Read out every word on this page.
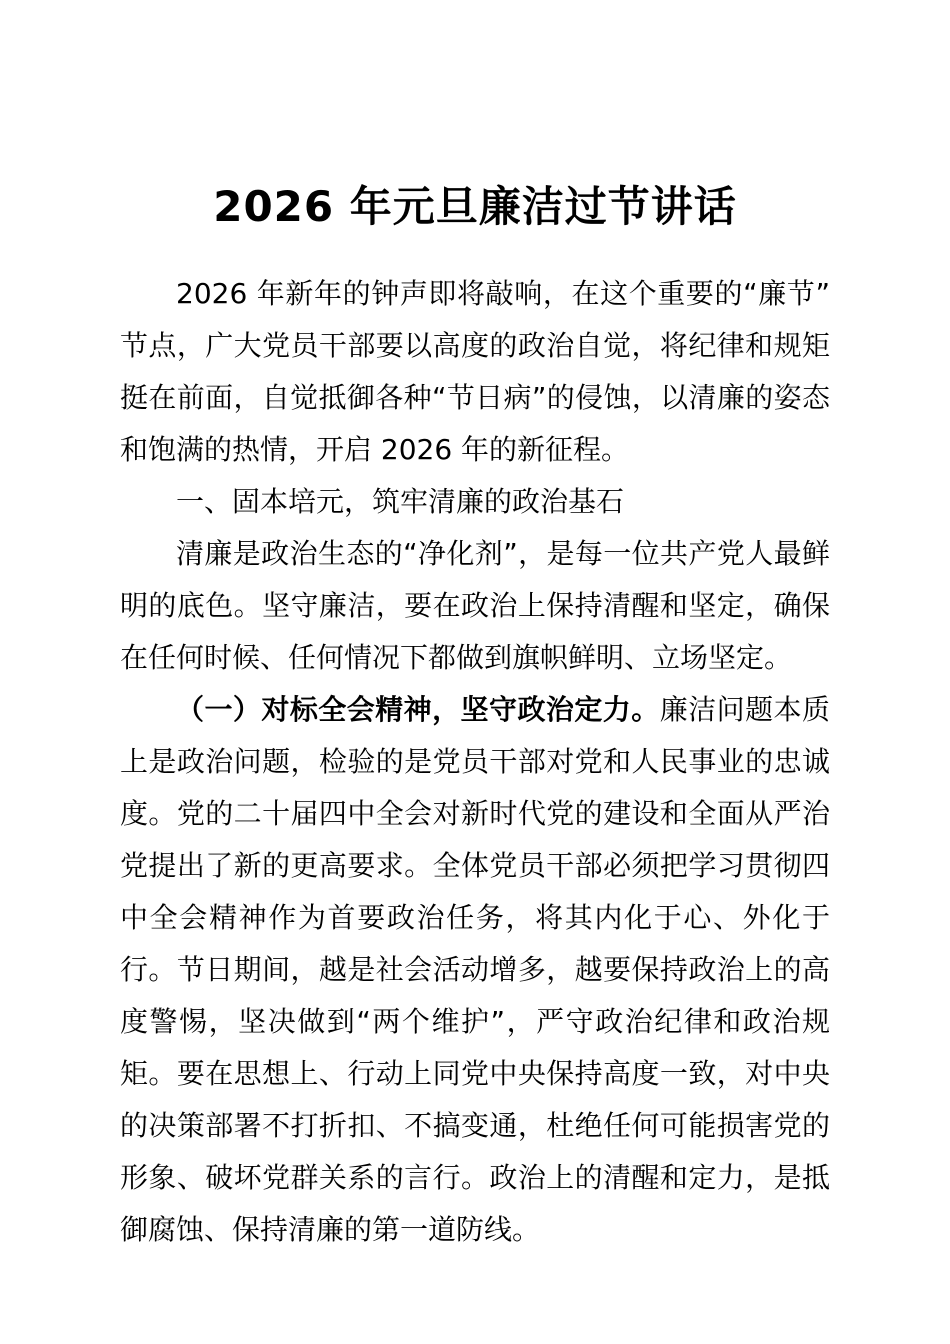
2026 年元旦廉洁过节讲话

2026 年新年的钟声即将敲响，在这个重要的“廉节”节点，广大党员干部要以高度的政治自觉，将纪律和规矩挺在前面，自觉抵御各种“节日病”的侵蚀，以清廉的姿态和饱满的热情，开启 2026 年的新征程。

一、固本培元，筑牢清廉的政治基石

清廉是政治生态的“净化剂”，是每一位共产党人最鲜明的底色。坚守廉洁，要在政治上保持清醒和坚定，确保在任何时候、任何情况下都做到旗帜鲜明、立场坚定。

（一）对标全会精神，坚守政治定力。廉洁问题本质上是政治问题，检验的是党员干部对党和人民事业的忠诚度。党的二十届四中全会对新时代党的建设和全面从严治党提出了新的更高要求。全体党员干部必须把学习贯彻四中全会精神作为首要政治任务，将其内化于心、外化于行。节日期间，越是社会活动增多，越要保持政治上的高度警惕，坚决做到“两个维护”，严守政治纪律和政治规矩。要在思想上、行动上同党中央保持高度一致，对中央的决策部署不打折扣、不搞变通，杜绝任何可能损害党的形象、破坏党群关系的言行。政治上的清醒和定力，是抵御腐蚀、保持清廉的第一道防线。
